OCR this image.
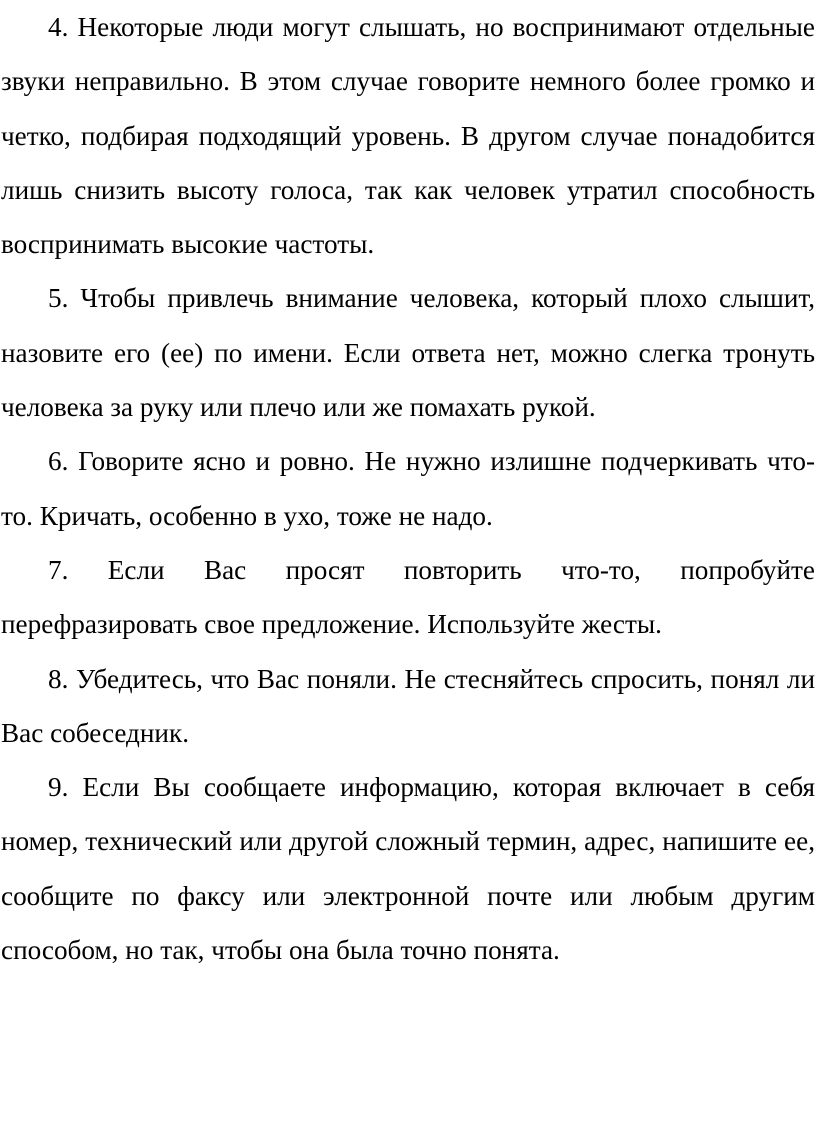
4. Некоторые люди могут слышать, но воспринимают отдельные звуки неправильно. В этом случае говорите немного более громко и четко, подбирая подходящий уровень. В другом случае понадобится лишь снизить высоту голоса, так как человек утратил способность воспринимать высокие частоты.

5. Чтобы привлечь внимание человека, который плохо слышит, назовите его (ее) по имени. Если ответа нет, можно слегка тронуть человека за руку или плечо или же помахать рукой.

6. Говорите ясно и ровно. Не нужно излишне подчеркивать что-то. Кричать, особенно в ухо, тоже не надо.

7. Если Вас просят повторить что-то, попробуйте перефразировать свое предложение. Используйте жесты.

8. Убедитесь, что Вас поняли. Не стесняйтесь спросить, понял ли Вас собеседник.

9. Если Вы сообщаете информацию, которая включает в себя номер, технический или другой сложный термин, адрес, напишите ее, сообщите по факсу или электронной почте или любым другим способом, но так, чтобы она была точно понята.
